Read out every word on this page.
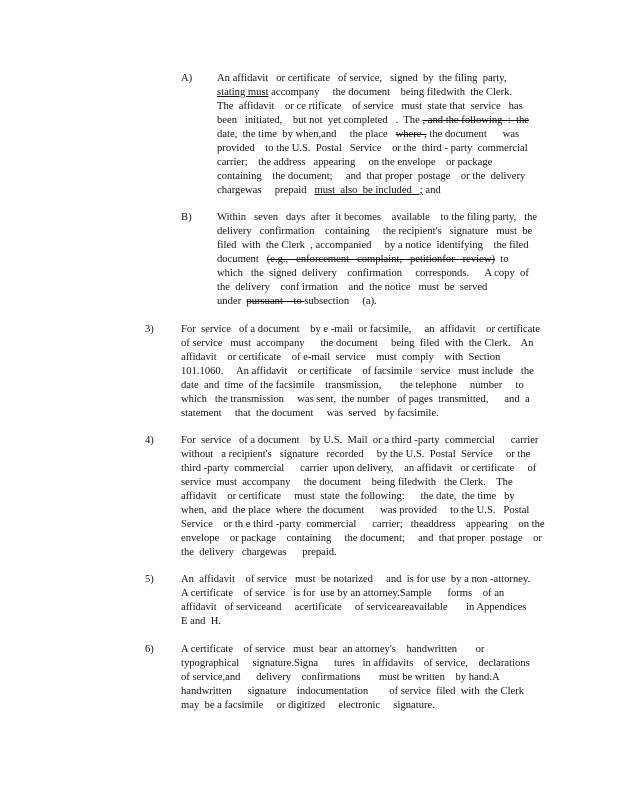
A) An affidavit   or certificate   of service,   signed  by  the filing  party,

stating must accompany     the document    being filedwith  the Clerk.

The  affidavit    or ce rtificate    of service   must  state that  service   has

been   initiated,    but not  yet completed   .  The , and the following  :  the

date,  the time  by when,and     the place   where , the document      was

provided    to the U.S.  Postal   Service    or the  third - party  commercial

carrier;    the address   appearing     on the envelope    or package

containing    the document;     and  that proper  postage    or the  delivery

chargewas     prepaid   must  also  be included   ; and

B) Within   seven   days  after  it becomes    available    to the filing party,   the

delivery   confirmation    containing     the recipient's   signature   must  be

filed  with  the Clerk  , accompanied     by a notice  identifying    the filed

document   (e.g.,   enforcement   complaint,   petitionfor   review)  to

which   the  signed  delivery    confirmation     corresponds.      A copy  of

the  delivery    conf irmation    and  the notice   must  be  served

under  pursuant    to subsection     (a).

3)	For  service   of a document    by e -mail  or facsimile,     an  affidavit    or certificate

of service   must  accompany      the document     being  filed  with  the Clerk.    An

affidavit    or certificate    of e-mail  service    must  comply    with  Section

101.1060.     An affidavit    or certificate    of facsimile   service   must include   the

date  and  time  of the facsimile    transmission,       the telephone     number     to

which   the transmission     was sent,  the number   of pages  transmitted,      and  a

statement     that  the document     was  served   by facsimile.

4)	For  service   of a document    by U.S.  Mail  or a third -party  commercial      carrier

without   a recipient's   signature   recorded     by the U.S.  Postal  Service     or the

third -party  commercial      carrier  upon delivery,    an affidavit   or certificate     of

service  must  accompany     the document    being filedwith   the Clerk.    The

affidavit    or certificate     must  state  the following:      the date,  the time   by

when,  and  the place  where  the document      was provided     to the U.S.   Postal

Service    or th e third -party  commercial      carrier;   theaddress    appearing    on the

envelope    or package    containing     the document;     and  that proper  postage    or

the  delivery   chargewas      prepaid.

5)	An  affidavit    of service   must  be notarized     and  is for use  by a non -attorney.

A certificate    of service   is for  use by an attorney.Sample      forms    of an

affidavit   of serviceand     acertificate     of serviceareavailable       in Appendices

E and  H.

6)	A certificate    of service   must  bear  an attorney's    handwritten       or

typographical     signature.Signa      tures   in affidavits    of service,    declarations

of service,and      delivery    confirmations       must be written    by hand.A

handwritten      signature    indocumentation        of service  filed  with  the Clerk

may  be a facsimile     or digitized     electronic     signature.
